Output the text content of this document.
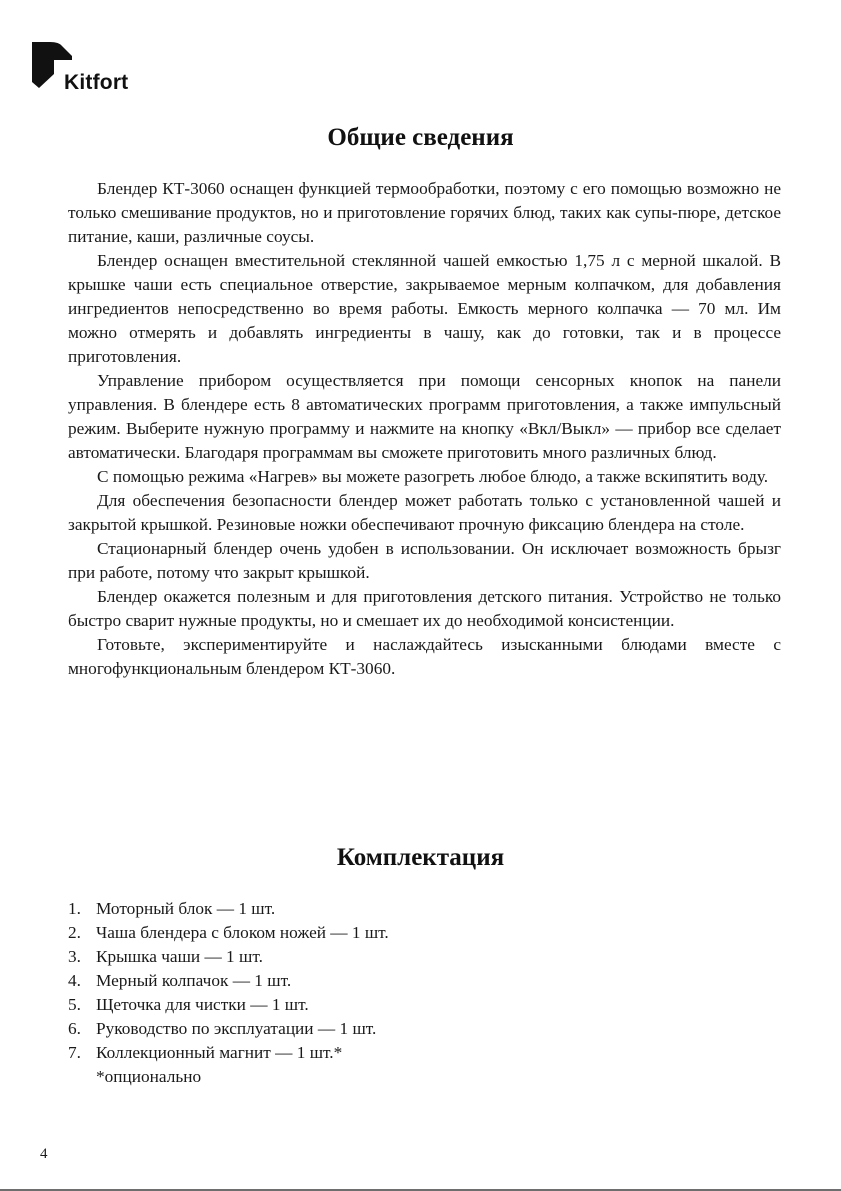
Kitfort
Общие сведения

Блендер КТ-3060 оснащен функцией термообработки, поэтому с его помощью возможно не только смешивание продуктов, но и приготовление горячих блюд, таких как супы-пюре, детское питание, каши, различные соусы.

Блендер оснащен вместительной стеклянной чашей емкостью 1,75 л с мерной шкалой. В крышке чаши есть специальное отверстие, закрываемое мерным колпачком, для добавления ингредиентов непосредственно во время работы. Емкость мерного колпачка — 70 мл. Им можно отмерять и добавлять ингредиенты в чашу, как до готовки, так и в процессе приготовления.

Управление прибором осуществляется при помощи сенсорных кнопок на панели управления. В блендере есть 8 автоматических программ приготовления, а также импульсный режим. Выберите нужную программу и нажмите на кнопку «Вкл/Выкл» — прибор все сделает автоматически. Благодаря программам вы сможете приготовить много различных блюд.

С помощью режима «Нагрев» вы можете разогреть любое блюдо, а также вскипятить воду.

Для обеспечения безопасности блендер может работать только с установленной чашей и закрытой крышкой. Резиновые ножки обеспечивают прочную фиксацию блендера на столе.

Стационарный блендер очень удобен в использовании. Он исключает возможность брызг при работе, потому что закрыт крышкой.

Блендер окажется полезным и для приготовления детского питания. Устройство не только быстро сварит нужные продукты, но и смешает их до необходимой консистенции.

Готовьте, экспериментируйте и наслаждайтесь изысканными блюдами вместе с многофункциональным блендером КТ-3060.

Комплектация
1. Моторный блок — 1 шт.
2. Чаша блендера с блоком ножей — 1 шт.
3. Крышка чаши — 1 шт.
4. Мерный колпачок — 1 шт.
5. Щеточка для чистки — 1 шт.
6. Руководство по эксплуатации — 1 шт.
7. Коллекционный магнит — 1 шт.*
*опционально
4
